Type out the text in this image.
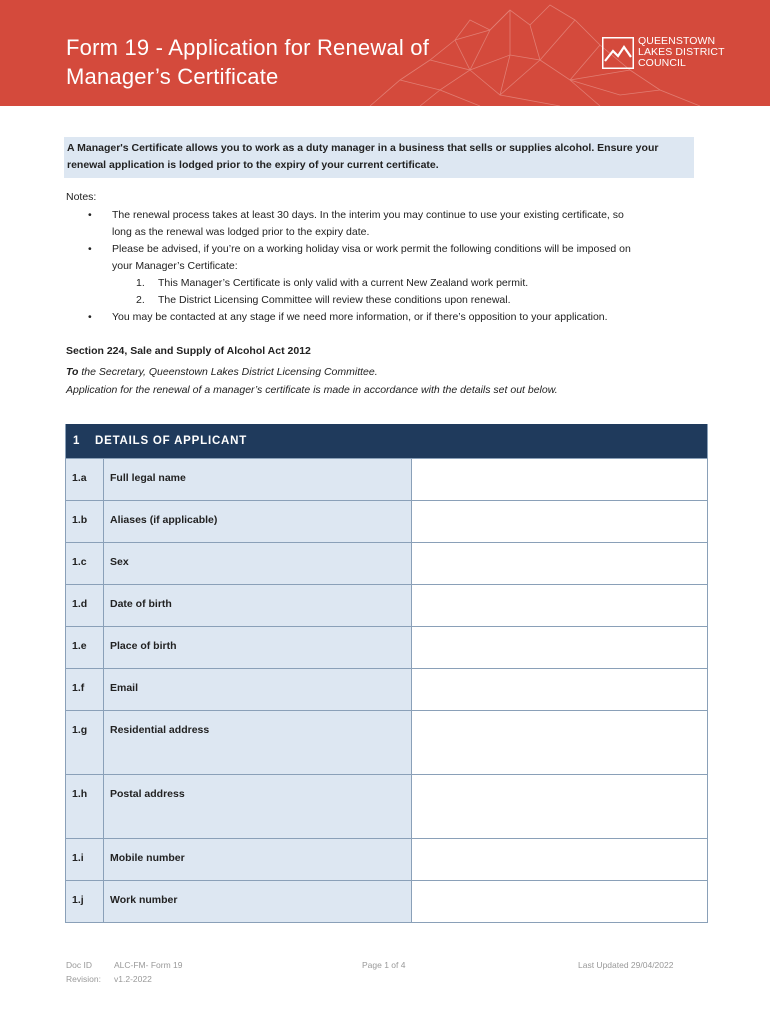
Form 19 - Application for Renewal of
Manager’s Certificate
QUEENSTOWN
LAKES DISTRICT
COUNCIL
A Manager's Certificate allows you to work as a duty manager in a business that sells or supplies alcohol. Ensure your
renewal application is lodged prior to the expiry of your current certificate.
Notes:
• The renewal process takes at least 30 days. In the interim you may continue to use your existing certificate, so
long as the renewal was lodged prior to the expiry date.
• Please be advised, if you’re on a working holiday visa or work permit the following conditions will be imposed on
your Manager’s Certificate:
1. This Manager’s Certificate is only valid with a current New Zealand work permit.
2. The District Licensing Committee will review these conditions upon renewal.
• You may be contacted at any stage if we need more information, or if there’s opposition to your application.
Section 224, Sale and Supply of Alcohol Act 2012
To the Secretary, Queenstown Lakes District Licensing Committee.
Application for the renewal of a manager’s certificate is made in accordance with the details set out below.
1	DETAILS OF APPLICANT
1.a	Full legal name
1.b	Aliases (if applicable)
1.c	Sex
1.d	Date of birth
1.e	Place of birth
1.f	Email
1.g	Residential address
1.h	Postal address
1.i	Mobile number
1.j	Work number
Doc ID	ALC-FM- Form 19
Revision: v1.2-2022
Page 1 of 4	Last Updated 29/04/2022
